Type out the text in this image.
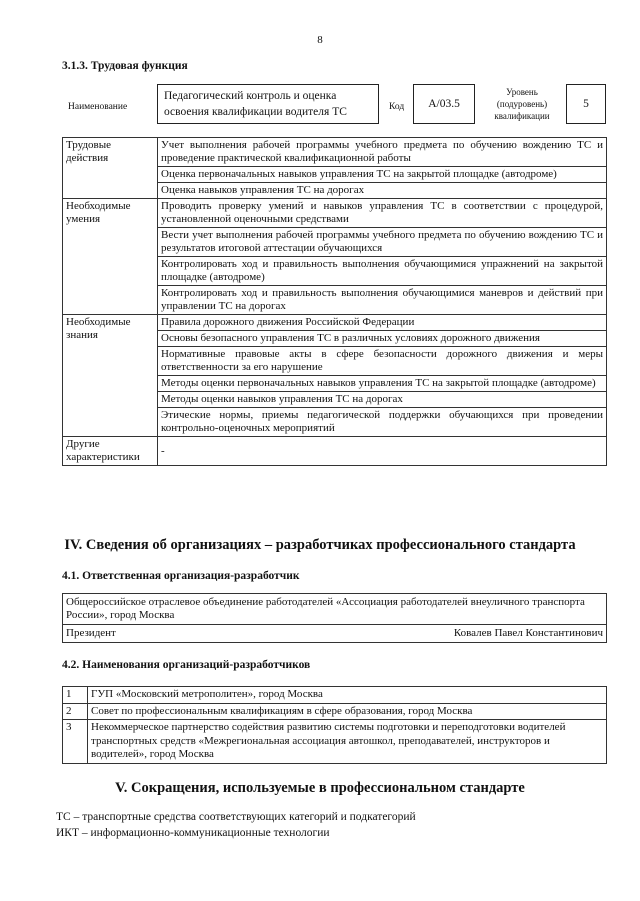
8
3.1.3. Трудовая функция
Наименование
Педагогический контроль и оценка освоения квалификации водителя ТС	Код	A/03.5
Уровень (подуровень) квалификации
5
Трудовые действия	Учет выполнения рабочей программы учебного предмета по обучению вождению ТС и проведение практической квалификационной работы
	Оценка первоначальных навыков управления ТС на закрытой площадке (автодроме)
	Оценка навыков управления ТС на дорогах
Необходимые умения	Проводить проверку умений и навыков управления ТС в соответствии с процедурой, установленной оценочными средствами
	Вести учет выполнения рабочей программы учебного предмета по обучению вождению ТС и результатов итоговой аттестации обучающихся
	Контролировать ход и правильность выполнения обучающимися упражнений на закрытой площадке (автодроме)
	Контролировать ход и правильность выполнения обучающимися маневров и действий при управлении ТС на дорогах
Необходимые знания	Правила дорожного движения Российской Федерации
	Основы безопасного управления ТС в различных условиях дорожного движения
	Нормативные правовые акты в сфере безопасности дорожного движения и меры ответственности за его нарушение
	Методы оценки первоначальных навыков управления ТС на закрытой площадке (автодроме)
	Методы оценки навыков управления ТС на дорогах
	Этические нормы, приемы педагогической поддержки обучающихся при проведении контрольно-оценочных мероприятий
Другие характеристики	-
IV. Сведения об организациях – разработчиках профессионального стандарта
4.1. Ответственная организация-разработчик
Общероссийское отраслевое объединение работодателей «Ассоциация работодателей внеуличного транспорта России», город Москва
Президент	Ковалев Павел Константинович
4.2. Наименования организаций-разработчиков
1	ГУП «Московский метрополитен», город Москва
2	Совет по профессиональным квалификациям в сфере образования, город Москва
3	Некоммерческое партнерство содействия развитию системы подготовки и переподготовки водителей транспортных средств «Межрегиональная ассоциация автошкол, преподавателей, инструкторов и водителей», город Москва
V. Сокращения, используемые в профессиональном стандарте
ТС – транспортные средства соответствующих категорий и подкатегорий
ИКТ – информационно-коммуникационные технологии
